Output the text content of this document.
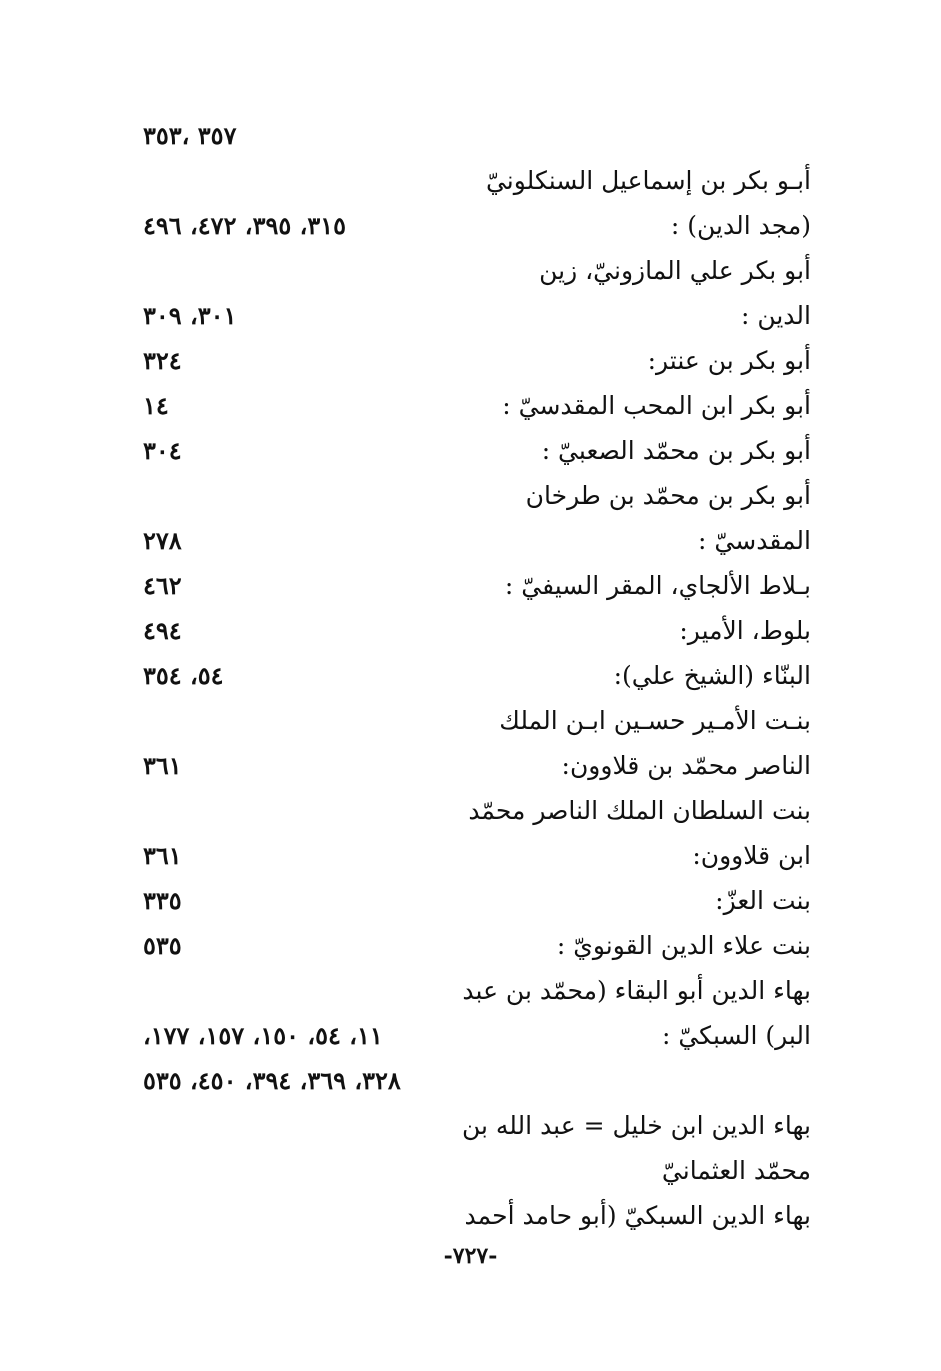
٣٥٧ ،٣٥٣
أبـو بكر بن إسماعيل السنكلونيّ
(مجد الدين) :
٣١٥، ٣٩٥، ٤٧٢، ٤٩٦
أبو بكر علي المازونيّ، زين
الدين :
٣٠١، ٣٠٩
أبو بكر بن عنتر:
٣٢٤
أبو بكر ابن المحب المقدسيّ :
١٤
أبو بكر بن محمّد الصعبيّ :
٣٠٤
أبو بكر بن محمّد بن طرخان
المقدسيّ :
٢٧٨
بـلاط الألجاي، المقر السيفيّ :
٤٦٢
بلوط، الأمير:
٤٩٤
البنّاء (الشيخ علي):
٥٤، ٣٥٤
بنـت الأمـير حسـين ابـن الملك
الناصر محمّد بن قلاوون:
٣٦١
بنت السلطان الملك الناصر محمّد
ابن قلاوون:
٣٦١
بنت العزّ:
٣٣٥
بنت علاء الدين القونويّ :
٥٣٥
بهاء الدين أبو البقاء (محمّد بن عبد
البر) السبكيّ :
١١، ٥٤، ١٥٠، ١٥٧، ١٧٧،
٣٢٨، ٣٦٩، ٣٩٤، ٤٥٠، ٥٣٥
بهاء الدين ابن خليل = عبد الله بن
محمّد العثمانيّ
بهاء الدين السبكيّ (أبو حامد أحمد
-٧٢٧-
